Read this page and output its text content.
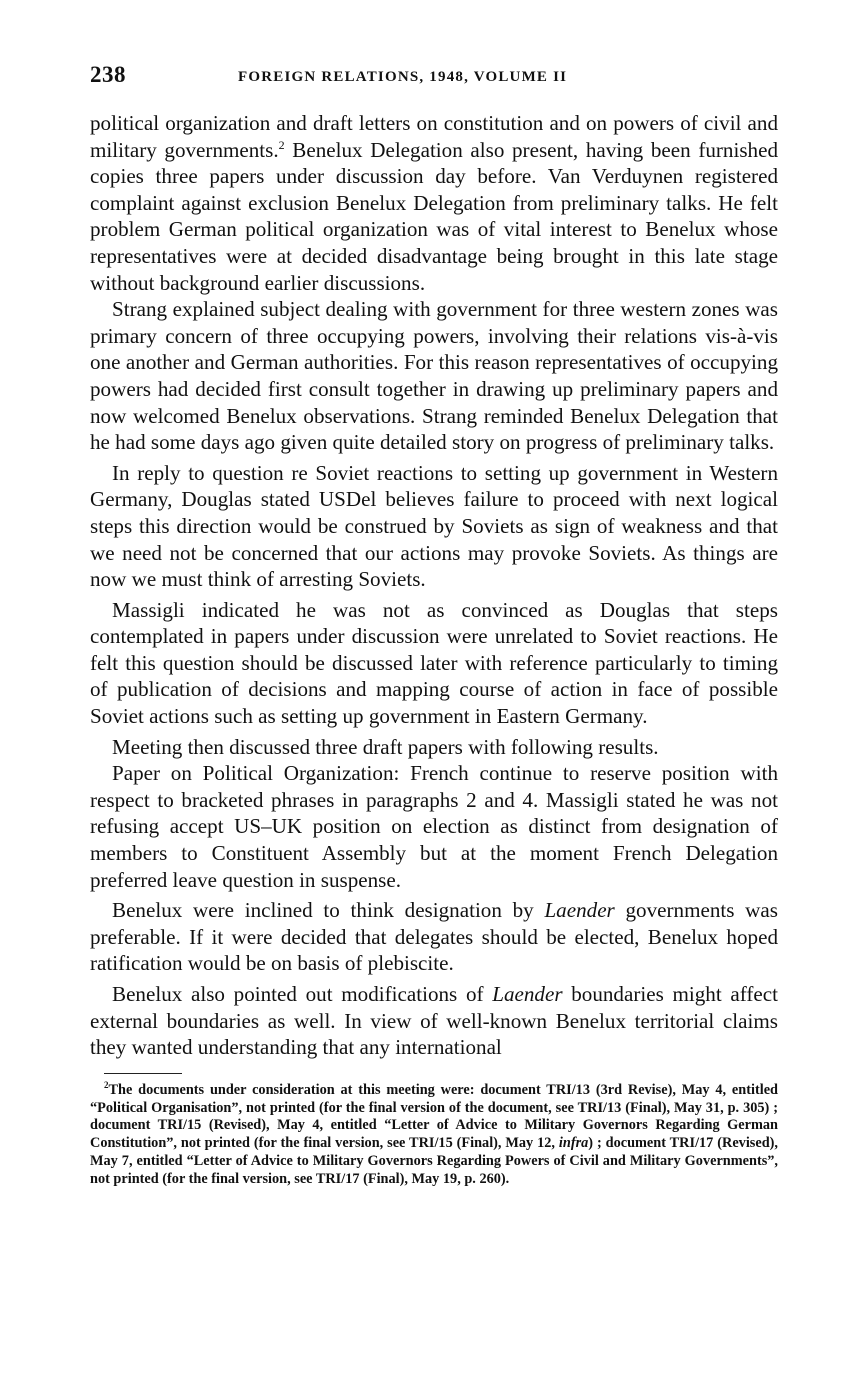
238	FOREIGN RELATIONS, 1948, VOLUME II

political organization and draft letters on constitution and on powers of civil and military governments.$^2$ Benelux Delegation also present, having been furnished copies three papers under discussion day before. Van Verduynen registered complaint against exclusion Benelux Delegation from preliminary talks. He felt problem German political organization was of vital interest to Benelux whose representatives were at decided disadvantage being brought in this late stage without background earlier discussions.

Strang explained subject dealing with government for three western zones was primary concern of three occupying powers, involving their relations vis-à-vis one another and German authorities. For this reason representatives of occupying powers had decided first consult together in drawing up preliminary papers and now welcomed Benelux observations. Strang reminded Benelux Delegation that he had some days ago given quite detailed story on progress of preliminary talks.

In reply to question re Soviet reactions to setting up government in Western Germany, Douglas stated USDel believes failure to proceed with next logical steps this direction would be construed by Soviets as sign of weakness and that we need not be concerned that our actions may provoke Soviets. As things are now we must think of arresting Soviets.

Massigli indicated he was not as convinced as Douglas that steps contemplated in papers under discussion were unrelated to Soviet reactions. He felt this question should be discussed later with reference particularly to timing of publication of decisions and mapping course of action in face of possible Soviet actions such as setting up government in Eastern Germany.

Meeting then discussed three draft papers with following results.

Paper on Political Organization: French continue to reserve position with respect to bracketed phrases in paragraphs 2 and 4. Massigli stated he was not refusing accept US–UK position on election as distinct from designation of members to Constituent Assembly but at the moment French Delegation preferred leave question in suspense.

Benelux were inclined to think designation by Laender governments was preferable. If it were decided that delegates should be elected, Benelux hoped ratification would be on basis of plebiscite.

Benelux also pointed out modifications of Laender boundaries might affect external boundaries as well. In view of well-known Benelux territorial claims they wanted understanding that any international

$^2$The documents under consideration at this meeting were: document TRI/13 (3rd Revise), May 4, entitled “Political Organisation”, not printed (for the final version of the document, see TRI/13 (Final), May 31, p. 305) ; document TRI/15 (Revised), May 4, entitled “Letter of Advice to Military Governors Regarding German Constitution”, not printed (for the final version, see TRI/15 (Final), May 12, infra) ; document TRI/17 (Revised), May 7, entitled “Letter of Advice to Military Governors Regarding Powers of Civil and Military Governments”, not printed (for the final version, see TRI/17 (Final), May 19, p. 260).
